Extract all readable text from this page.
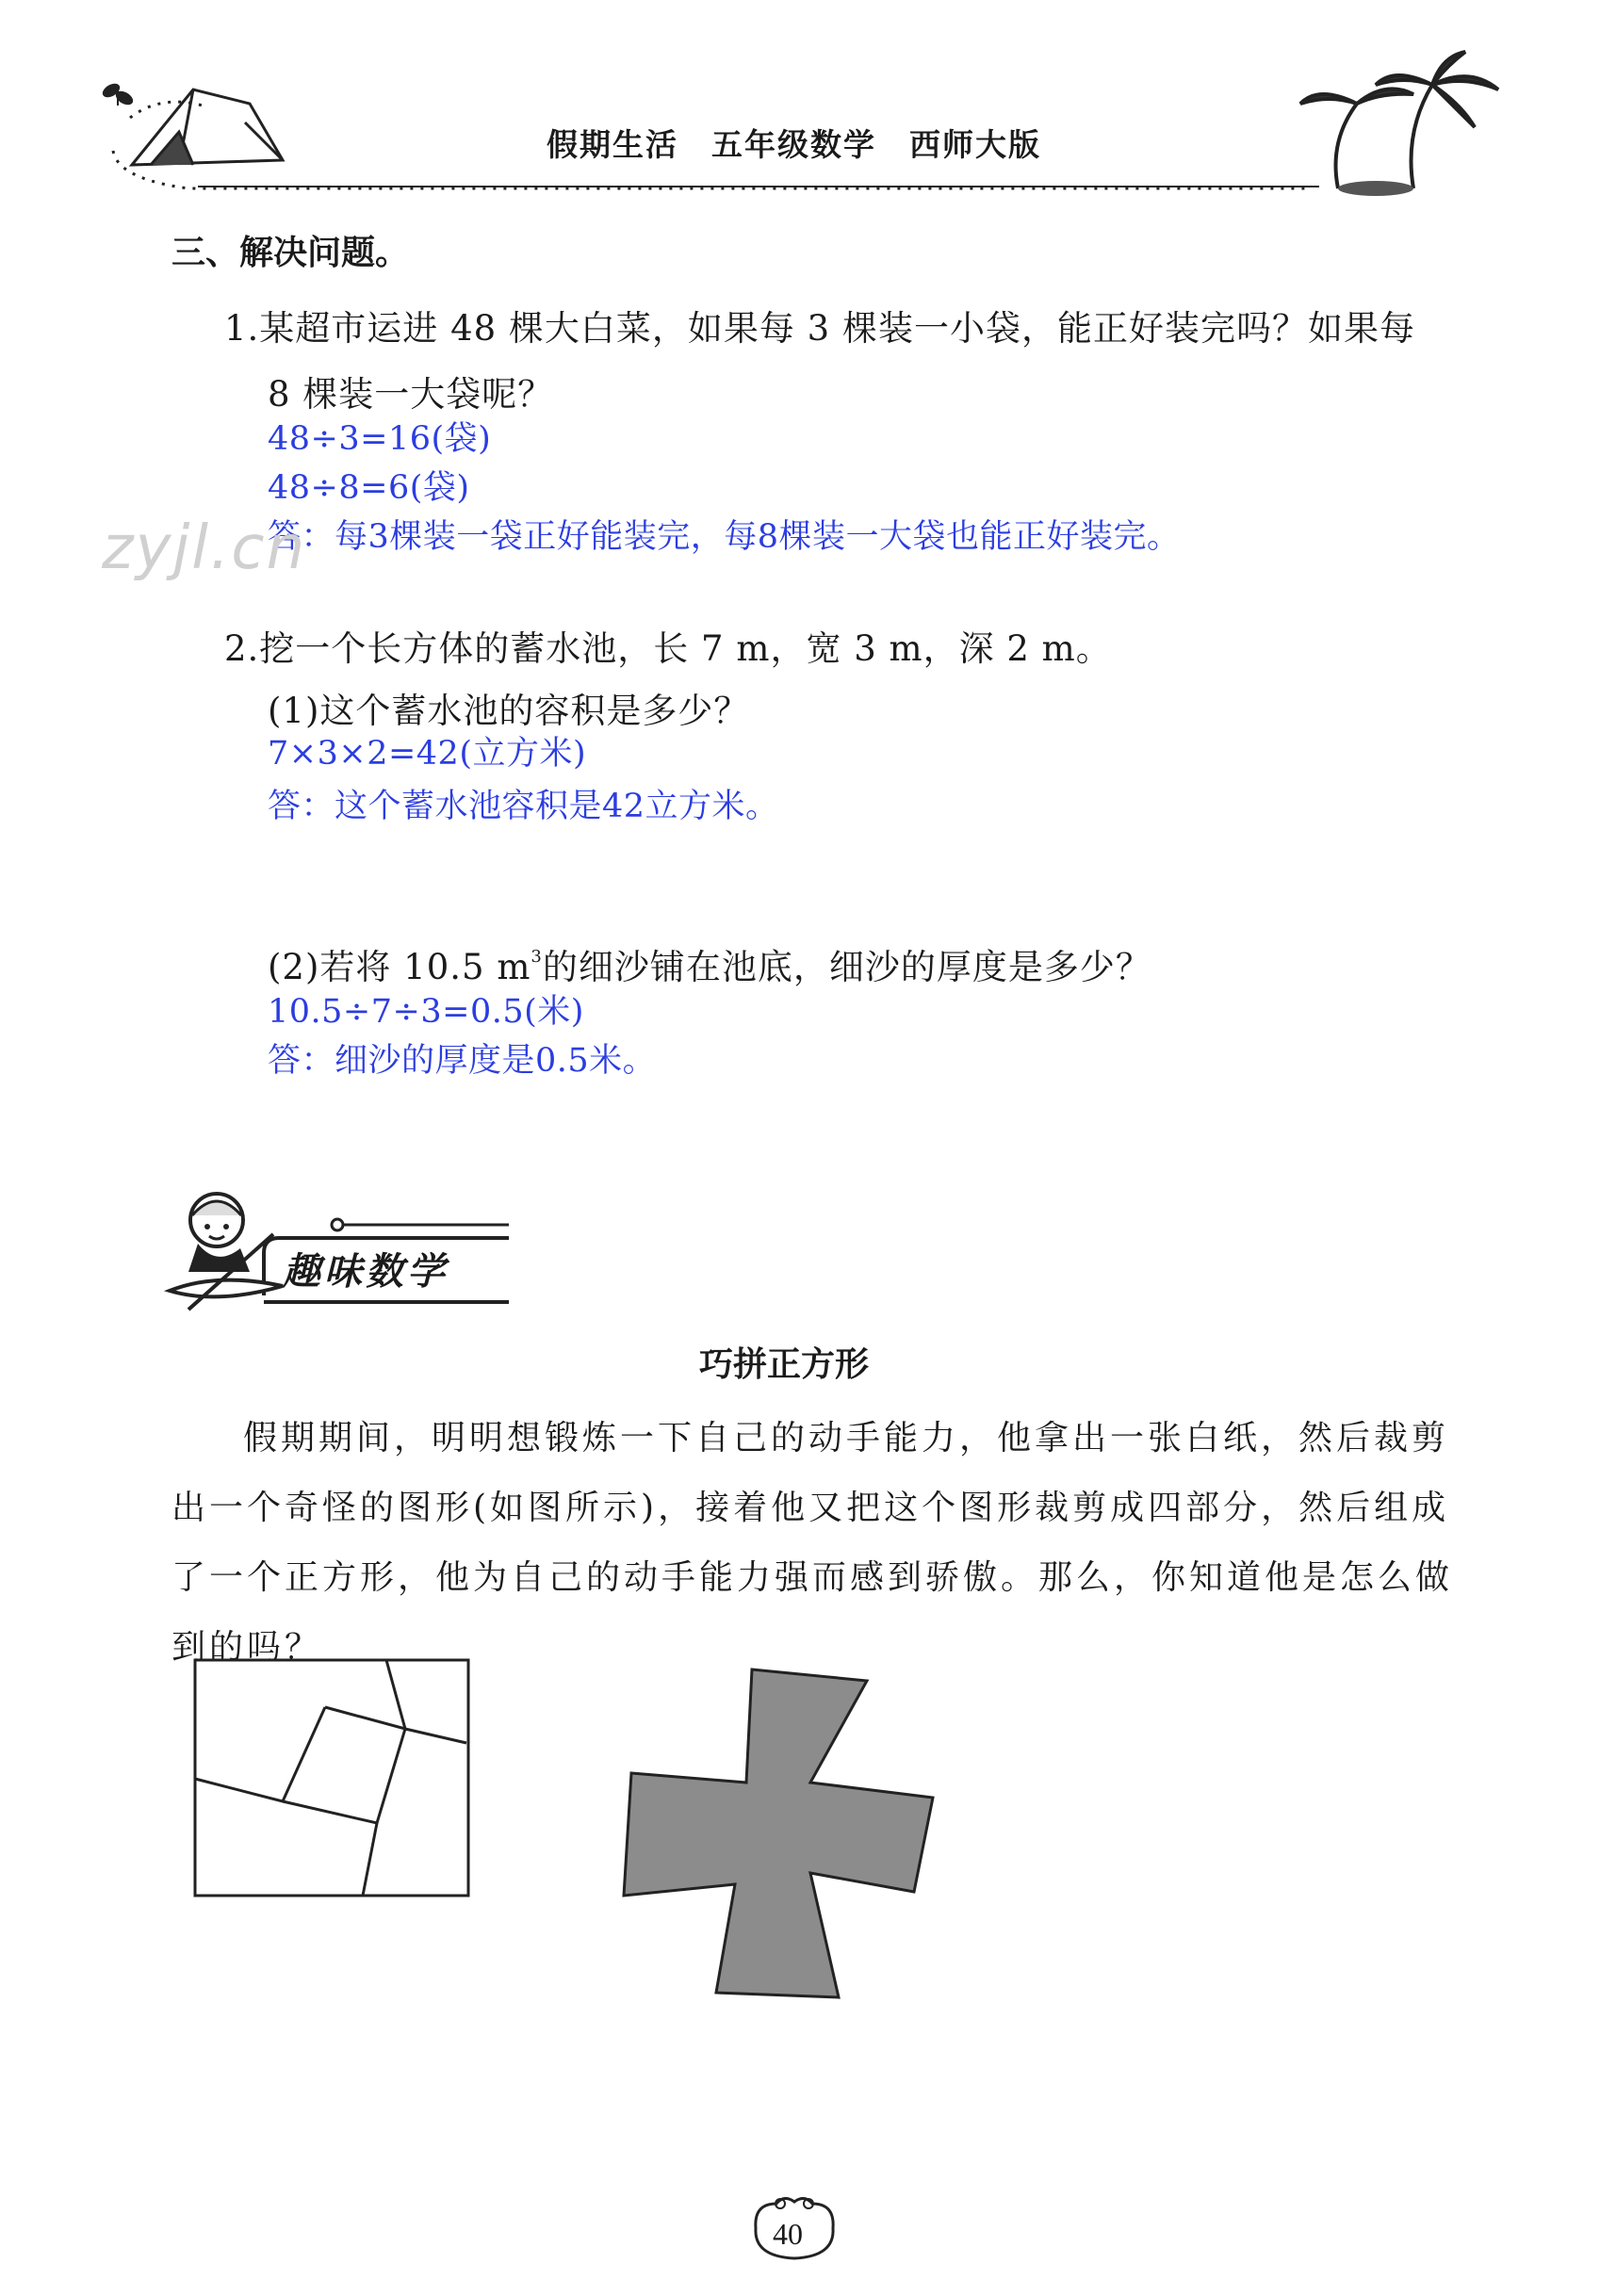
假期生活　五年级数学　西师大版
三、解决问题。
1.某超市运进 48 棵大白菜，如果每 3 棵装一小袋，能正好装完吗？如果每
8 棵装一大袋呢？
48÷3=16(袋)
48÷8=6(袋)
答：每3棵装一袋正好能装完，每8棵装一大袋也能正好装完。
zyjl.cn
2.挖一个长方体的蓄水池，长 7 m，宽 3 m，深 2 m。
(1)这个蓄水池的容积是多少？
7×3×2=42(立方米)
答：这个蓄水池容积是42立方米。
(2)若将 10.5 $m^3$的细沙铺在池底，细沙的厚度是多少？
10.5÷7÷3=0.5(米)
答：细沙的厚度是0.5米。
趣味数学
巧拼正方形
假期期间，明明想锻炼一下自己的动手能力，他拿出一张白纸，然后裁剪
出一个奇怪的图形(如图所示)，接着他又把这个图形裁剪成四部分，然后组成
了一个正方形，他为自己的动手能力强而感到骄傲。那么，你知道他是怎么做
到的吗？
40
